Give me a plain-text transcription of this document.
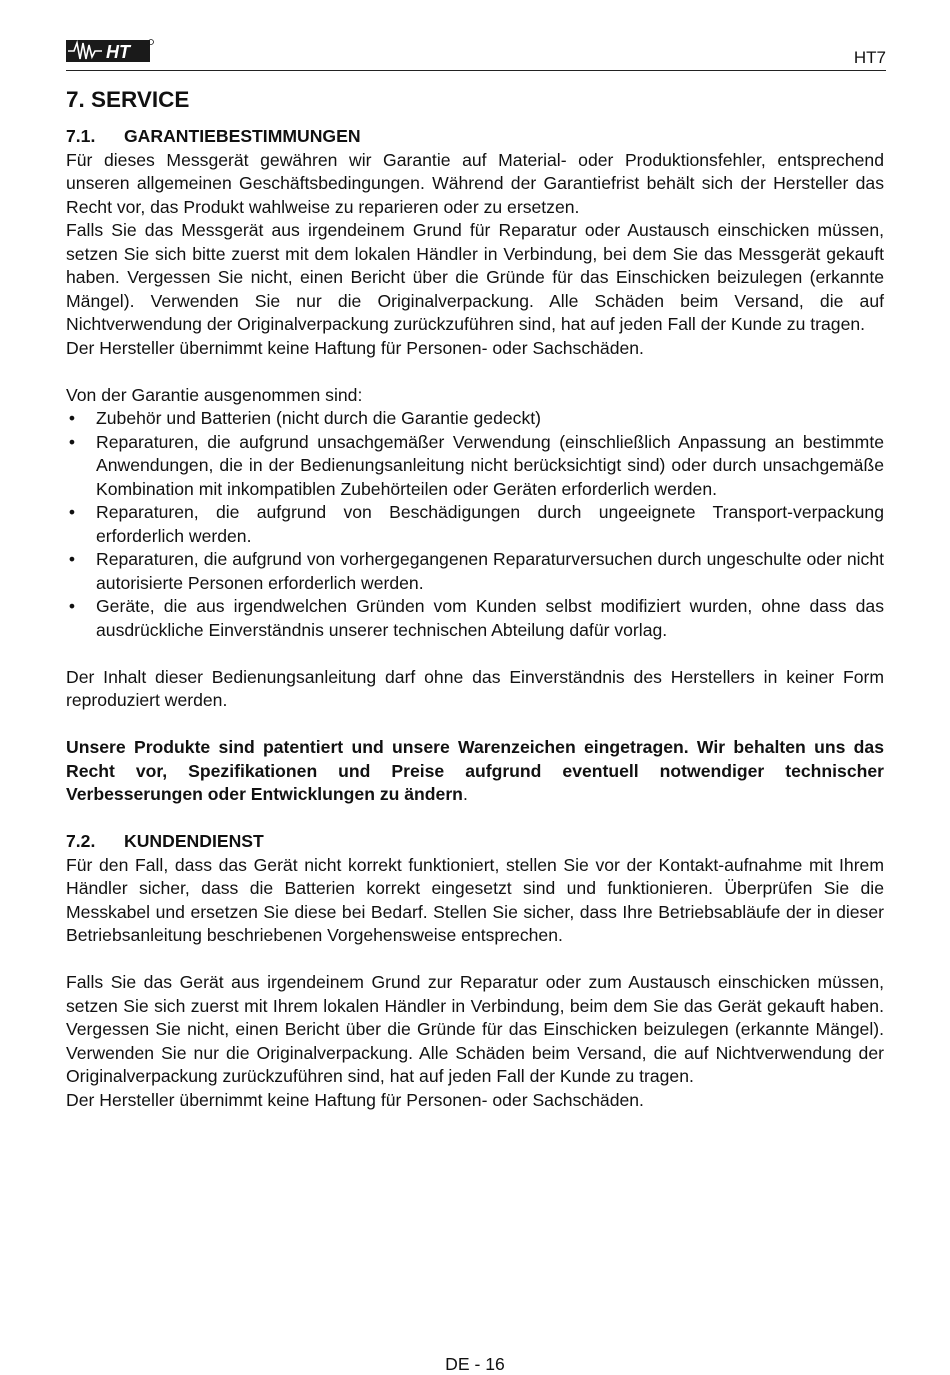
HT	HT7
7. SERVICE
7.1. GARANTIEBESTIMMUNGEN

Für dieses Messgerät gewähren wir Garantie auf Material- oder Produktionsfehler, entsprechend unseren allgemeinen Geschäftsbedingungen. Während der Garantiefrist behält sich der Hersteller das Recht vor, das Produkt wahlweise zu reparieren oder zu ersetzen.

Falls Sie das Messgerät aus irgendeinem Grund für Reparatur oder Austausch einschicken müssen, setzen Sie sich bitte zuerst mit dem lokalen Händler in Verbindung, bei dem Sie das Messgerät gekauft haben. Vergessen Sie nicht, einen Bericht über die Gründe für das Einschicken beizulegen (erkannte Mängel). Verwenden Sie nur die Originalverpackung. Alle Schäden beim Versand, die auf Nichtverwendung der Originalverpackung zurückzuführen sind, hat auf jeden Fall der Kunde zu tragen.

Der Hersteller übernimmt keine Haftung für Personen- oder Sachschäden.

Von der Garantie ausgenommen sind:

• Zubehör und Batterien (nicht durch die Garantie gedeckt)
• Reparaturen, die aufgrund unsachgemäßer Verwendung (einschließlich Anpassung an bestimmte Anwendungen, die in der Bedienungsanleitung nicht berücksichtigt sind) oder durch unsachgemäße Kombination mit inkompatiblen Zubehörteilen oder Geräten erforderlich werden.
• Reparaturen, die aufgrund von Beschädigungen durch ungeeignete Transport-verpackung erforderlich werden.
• Reparaturen, die aufgrund von vorhergegangenen Reparaturversuchen durch ungeschulte oder nicht autorisierte Personen erforderlich werden.
• Geräte, die aus irgendwelchen Gründen vom Kunden selbst modifiziert wurden, ohne dass das ausdrückliche Einverständnis unserer technischen Abteilung dafür vorlag.

Der Inhalt dieser Bedienungsanleitung darf ohne das Einverständnis des Herstellers in keiner Form reproduziert werden.

Unsere Produkte sind patentiert und unsere Warenzeichen eingetragen. Wir behalten uns das Recht vor, Spezifikationen und Preise aufgrund eventuell notwendiger technischer Verbesserungen oder Entwicklungen zu ändern.

7.2. KUNDENDIENST

Für den Fall, dass das Gerät nicht korrekt funktioniert, stellen Sie vor der Kontakt-aufnahme mit Ihrem Händler sicher, dass die Batterien korrekt eingesetzt sind und funktionieren. Überprüfen Sie die Messkabel und ersetzen Sie diese bei Bedarf. Stellen Sie sicher, dass Ihre Betriebsabläufe der in dieser Betriebsanleitung beschriebenen Vorgehensweise entsprechen.

Falls Sie das Gerät aus irgendeinem Grund zur Reparatur oder zum Austausch einschicken müssen, setzen Sie sich zuerst mit Ihrem lokalen Händler in Verbindung, beim dem Sie das Gerät gekauft haben. Vergessen Sie nicht, einen Bericht über die Gründe für das Einschicken beizulegen (erkannte Mängel). Verwenden Sie nur die Originalverpackung. Alle Schäden beim Versand, die auf Nichtverwendung der Originalverpackung zurückzuführen sind, hat auf jeden Fall der Kunde zu tragen.

Der Hersteller übernimmt keine Haftung für Personen- oder Sachschäden.

DE - 16
